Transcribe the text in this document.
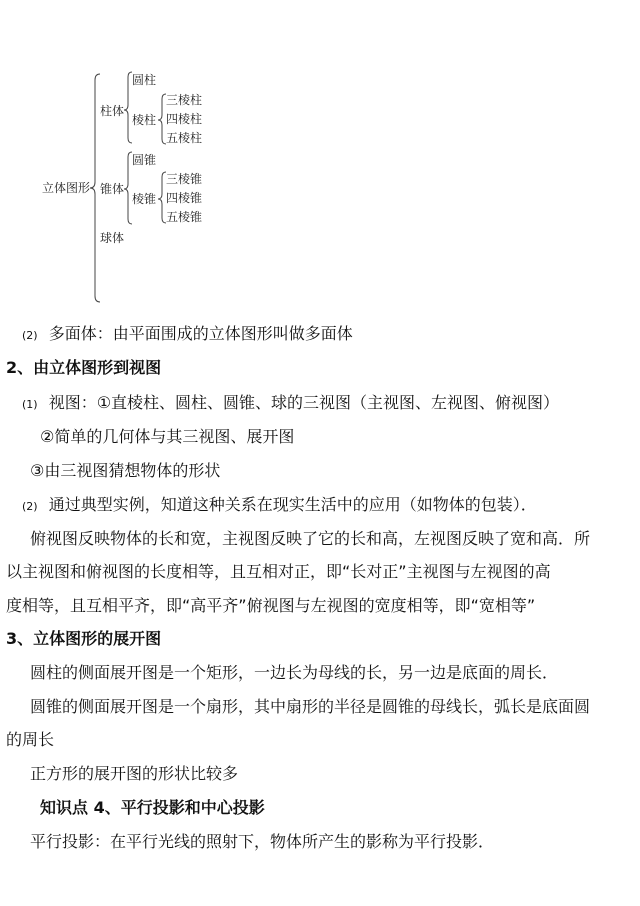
立体图形
柱体
圆柱
棱柱
三棱柱
四棱柱
五棱柱
锥体
圆锥
棱锥
三棱锥
四棱锥
五棱锥
球体
(2) 多面体：由平面围成的立体图形叫做多面体
2、由立体图形到视图
(1) 视图：①直棱柱、圆柱、圆锥、球的三视图（主视图、左视图、俯视图）
②简单的几何体与其三视图、展开图
③由三视图猜想物体的形状
(2) 通过典型实例，知道这种关系在现实生活中的应用（如物体的包装）．
俯视图反映物体的长和宽，主视图反映了它的长和高，左视图反映了宽和高．所
以主视图和俯视图的长度相等，且互相对正，即“长对正”主视图与左视图的高
度相等，且互相平齐，即“高平齐”俯视图与左视图的宽度相等，即“宽相等”
3、立体图形的展开图
圆柱的侧面展开图是一个矩形，一边长为母线的长，另一边是底面的周长．
圆锥的侧面展开图是一个扇形，其中扇形的半径是圆锥的母线长，弧长是底面圆
的周长
正方形的展开图的形状比较多
知识点 4、平行投影和中心投影
平行投影：在平行光线的照射下，物体所产生的影称为平行投影．
